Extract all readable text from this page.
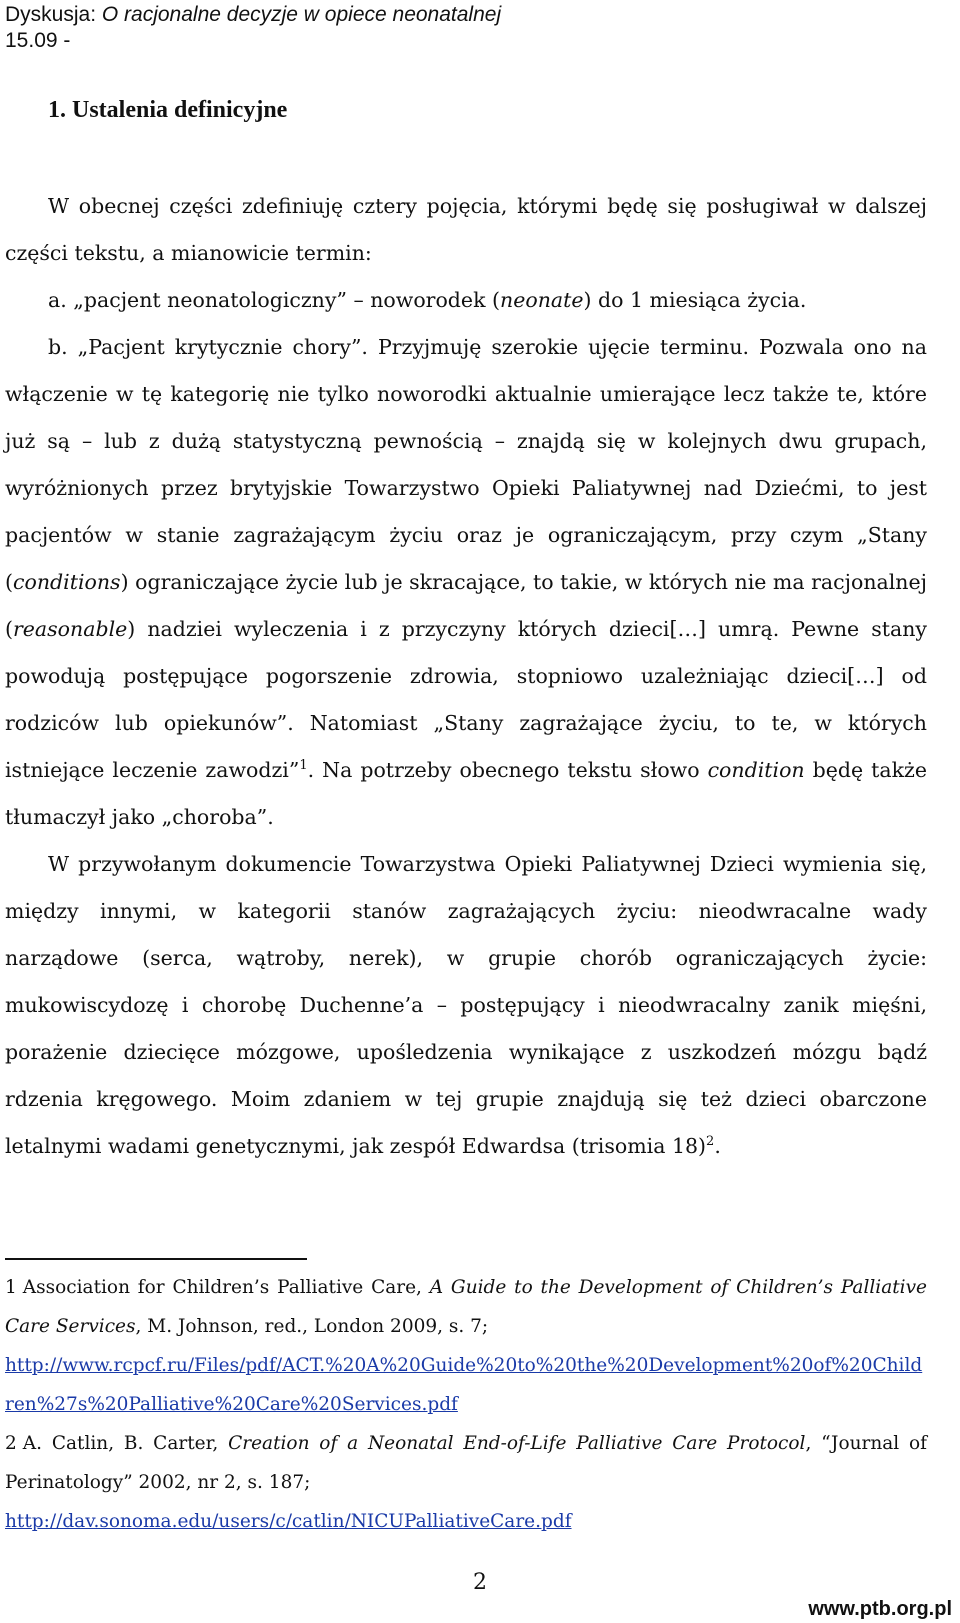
Dyskusja: O racjonalne decyzje w opiece neonatalnej
15.09 -
1. Ustalenia definicyjne

W obecnej części zdefiniuję cztery pojęcia, którymi będę się posługiwał w dalszej części tekstu, a mianowicie termin:

a. „pacjent neonatologiczny” – noworodek (neonate) do 1 miesiąca życia.

b. „Pacjent krytycznie chory”. Przyjmuję szerokie ujęcie terminu. Pozwala ono na włączenie w tę kategorię nie tylko noworodki aktualnie umierające lecz także te, które już są – lub z dużą statystyczną pewnością – znajdą się w kolejnych dwu grupach, wyróżnionych przez brytyjskie Towarzystwo Opieki Paliatywnej nad Dziećmi, to jest pacjentów w stanie zagrażającym życiu oraz je ograniczającym, przy czym „Stany (conditions) ograniczające życie lub je skracające, to takie, w których nie ma racjonalnej (reasonable) nadziei wyleczenia i z przyczyny których dzieci[…] umrą. Pewne stany powodują postępujące pogorszenie zdrowia, stopniowo uzależniając dzieci[…] od rodziców lub opiekunów”. Natomiast „Stany zagrażające życiu, to te, w których istniejące leczenie zawodzi”$^1$. Na potrzeby obecnego tekstu słowo condition będę także tłumaczył jako „choroba”.

W przywołanym dokumencie Towarzystwa Opieki Paliatywnej Dzieci wymienia się, między innymi, w kategorii stanów zagrażających życiu: nieodwracalne wady narządowe (serca, wątroby, nerek), w grupie chorób ograniczających życie: mukowiscydozę i chorobę Duchenne’a – postępujący i nieodwracalny zanik mięśni, porażenie dziecięce mózgowe, upośledzenia wynikające z uszkodzeń mózgu bądź rdzenia kręgowego. Moim zdaniem w tej grupie znajdują się też dzieci obarczone letalnymi wadami genetycznymi, jak zespół Edwardsa (trisomia 18)$^2$.

1 Association for Children’s Palliative Care, A Guide to the Development of Children’s Palliative Care Services, M. Johnson, red., London 2009, s. 7;
http://www.rcpcf.ru/Files/pdf/ACT.%20A%20Guide%20to%20the%20Development%20of%20Children%27s%20Palliative%20Care%20Services.pdf

2 A. Catlin, B. Carter, Creation of a Neonatal End-of-Life Palliative Care Protocol, “Journal of Perinatology” 2002, nr 2, s. 187;
http://dav.sonoma.edu/users/c/catlin/NICUPalliativeCare.pdf

2
www.ptb.org.pl
